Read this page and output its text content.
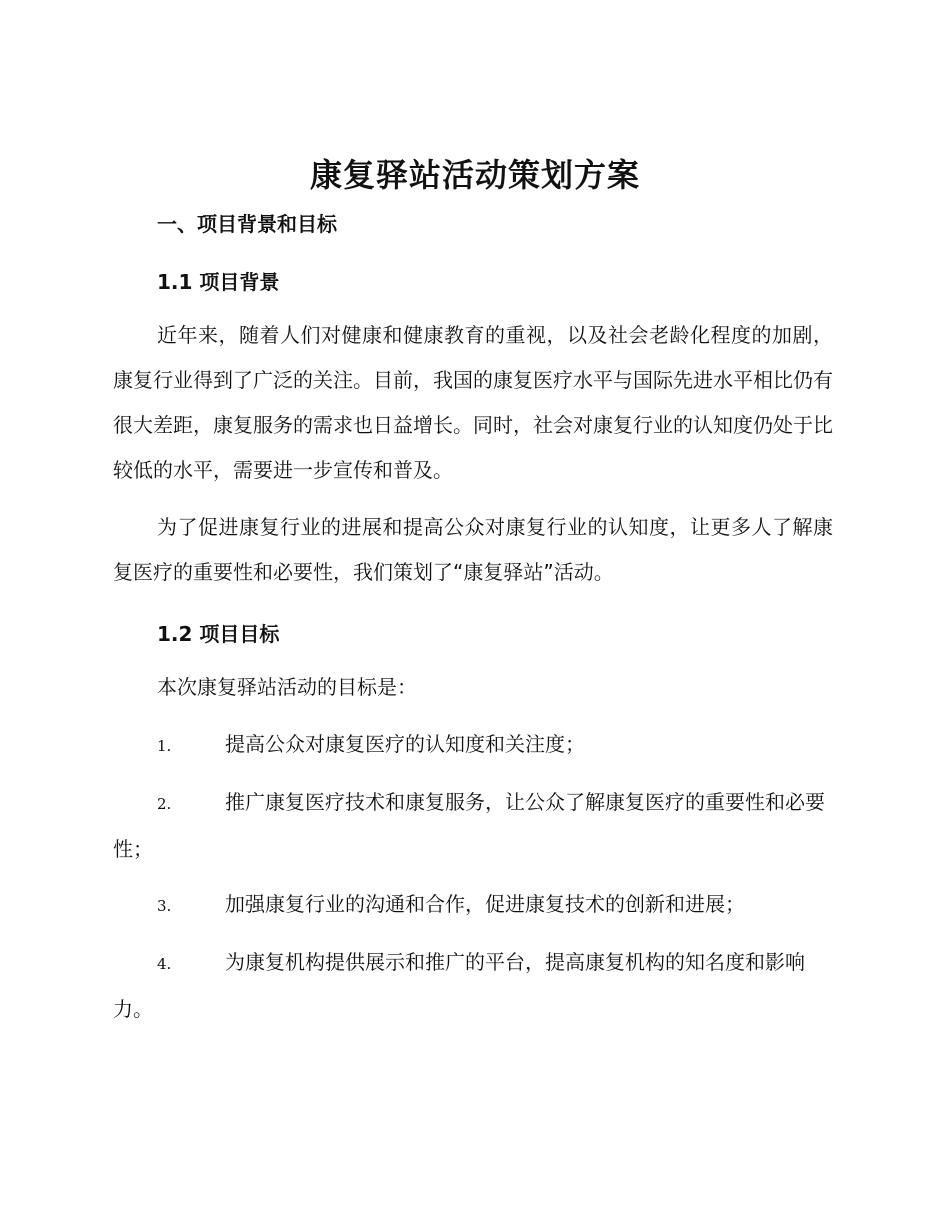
康复驿站活动策划方案
一、项目背景和目标
1.1 项目背景
近年来，随着人们对健康和健康教育的重视，以及社会老龄化程度的加剧，康复行业得到了广泛的关注。目前，我国的康复医疗水平与国际先进水平相比仍有很大差距，康复服务的需求也日益增长。同时，社会对康复行业的认知度仍处于比较低的水平，需要进一步宣传和普及。
为了促进康复行业的进展和提高公众对康复行业的认知度，让更多人了解康复医疗的重要性和必要性，我们策划了“康复驿站”活动。
1.2 项目目标
本次康复驿站活动的目标是：
1.	提高公众对康复医疗的认知度和关注度；
2.	推广康复医疗技术和康复服务，让公众了解康复医疗的重要性和必要性；
3.	加强康复行业的沟通和合作，促进康复技术的创新和进展；
4.	为康复机构提供展示和推广的平台，提高康复机构的知名度和影响力。
